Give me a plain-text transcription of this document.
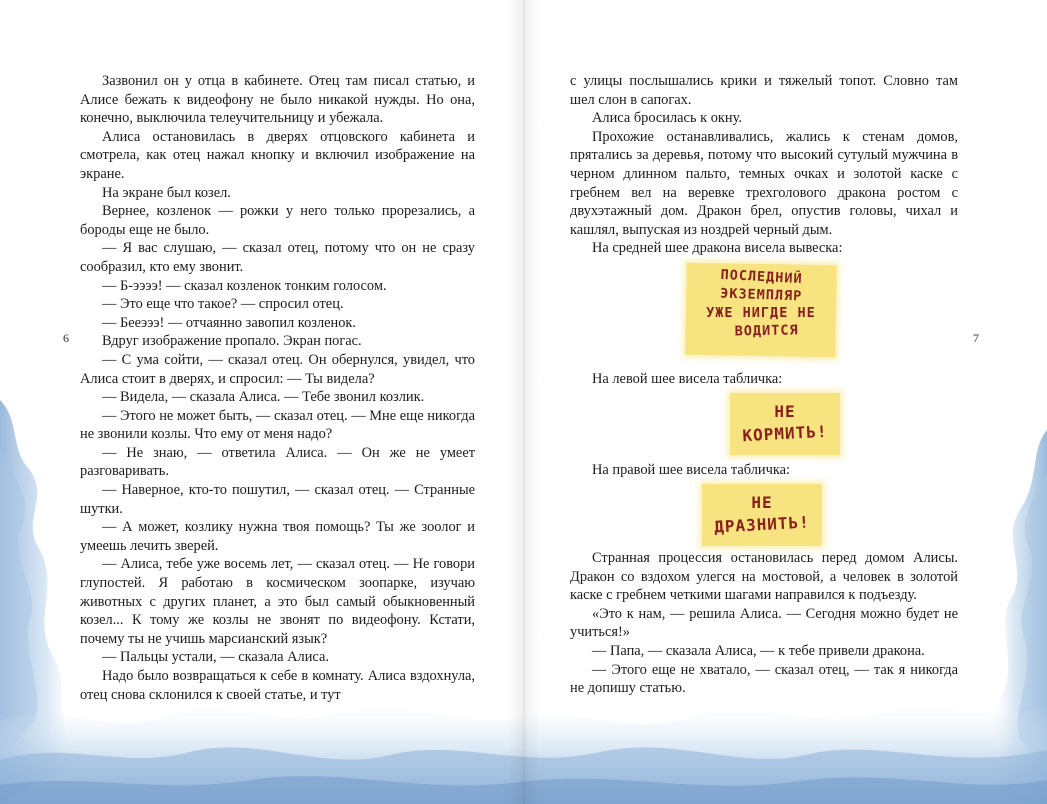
Зазвонил он у отца в кабинете. Отец там писал статью, и Алисе бежать к видеофону не было никакой нужды. Но она, конечно, выключила телеучительницу и убежала.

Алиса остановилась в дверях отцовского кабинета и смотрела, как отец нажал кнопку и включил изображение на экране.

На экране был козел.

Вернее, козленок — рожки у него только прорезались, а бороды еще не было.

— Я вас слушаю, — сказал отец, потому что он не сразу сообразил, кто ему звонит.

— Б-ээээ! — сказал козленок тонким голосом.

— Это еще что такое? — спросил отец.

— Бееэээ! — отчаянно завопил козленок.

Вдруг изображение пропало. Экран погас.

— С ума сойти, — сказал отец. Он обернулся, увидел, что Алиса стоит в дверях, и спросил: — Ты видела?

— Видела, — сказала Алиса. — Тебе звонил козлик.

— Этого не может быть, — сказал отец. — Мне еще никогда не звонили козлы. Что ему от меня надо?

— Не знаю, — ответила Алиса. — Он же не умеет разговаривать.

— Наверное, кто-то пошутил, — сказал отец. — Странные шутки.

— А может, козлику нужна твоя помощь? Ты же зоолог и умеешь лечить зверей.

— Алиса, тебе уже восемь лет, — сказал отец. — Не говори глупостей. Я работаю в космическом зоопарке, изучаю животных с других планет, а это был самый обыкновенный козел... К тому же козлы не звонят по видеофону. Кстати, почему ты не учишь марсианский язык?

— Пальцы устали, — сказала Алиса.

Надо было возвращаться к себе в комнату. Алиса вздохнула, отец снова склонился к своей статье, и тут

6

с улицы послышались крики и тяжелый топот. Словно там шел слон в сапогах.

Алиса бросилась к окну.

Прохожие останавливались, жались к стенам домов, прятались за деревья, потому что высокий сутулый мужчина в черном длинном пальто, темных очках и золотой каске с гребнем вел на веревке трехголового дракона ростом с двухэтажный дом. Дракон брел, опустив головы, чихал и кашлял, выпуская из ноздрей черный дым.

На средней шее дракона висела вывеска:

ПОСЛЕДНИЙ
ЭКЗЕМПЛЯР
УЖЕ НИГДЕ НЕ
ВОДИТСЯ

На левой шее висела табличка:

НЕ
КОРМИТЬ!

На правой шее висела табличка:

НЕ
ДРАЗНИТЬ!

Странная процессия остановилась перед домом Алисы. Дракон со вздохом улегся на мостовой, а человек в золотой каске с гребнем четкими шагами направился к подъезду.

«Это к нам, — решила Алиса. — Сегодня можно будет не учиться!»

— Папа, — сказала Алиса, — к тебе привели дракона.

— Этого еще не хватало, — сказал отец, — так я никогда не допишу статью.

7
